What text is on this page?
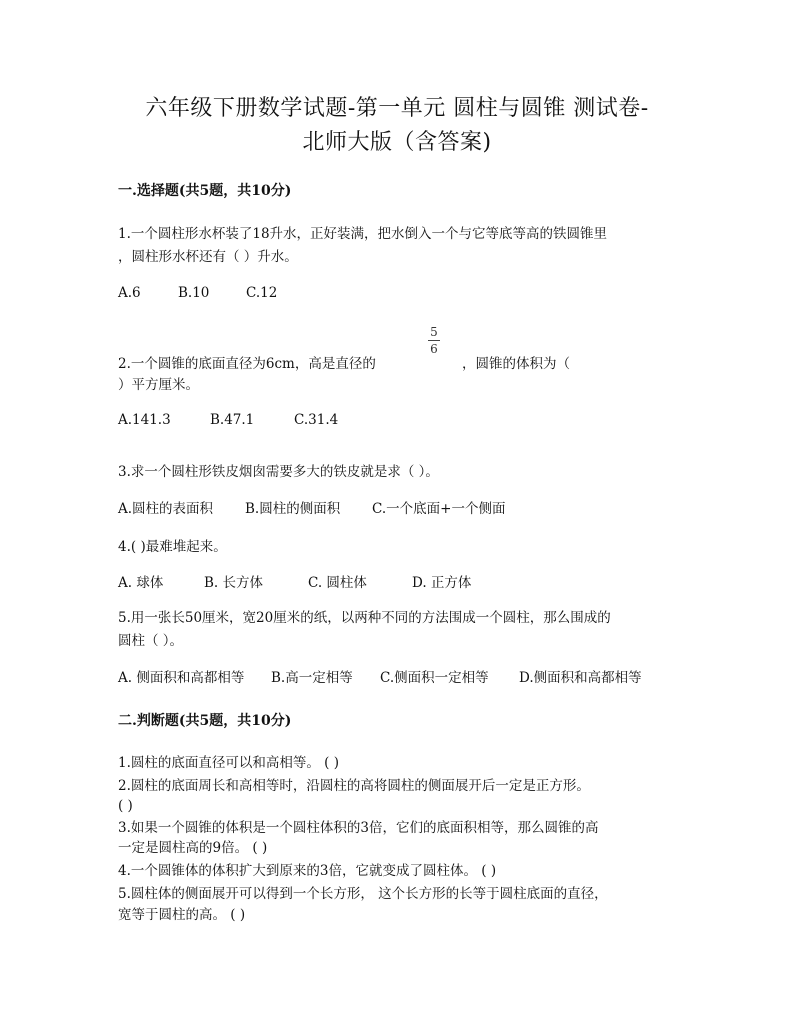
六年级下册数学试题-第一单元 圆柱与圆锥 测试卷-
北师大版（含答案)
一.选择题(共5题，共10分)
1.一个圆柱形水杯装了18升水，正好装满，把水倒入一个与它等底等高的铁圆锥里
，圆柱形水杯还有（ ）升水。
A.6	B.10	C.12
5
6
2.一个圆锥的底面直径为6cm，高是直径的	，圆锥的体积为（
）平方厘米。
A.141.3	B.47.1	C.31.4
3.求一个圆柱形铁皮烟囱需要多大的铁皮就是求（ ）。
A.圆柱的表面积 B.圆柱的侧面积 C.一个底面+一个侧面
4.( )最难堆起来。
A. 球体	B. 长方体	C. 圆柱体	D. 正方体
5.用一张长50厘米，宽20厘米的纸，以两种不同的方法围成一个圆柱，那么围成的
圆柱（ ）。
A. 侧面积和高都相等 B.高一定相等 C.侧面积一定相等 D.侧面积和高都相等
二.判断题(共5题，共10分)
1.圆柱的底面直径可以和高相等。 ( )
2.圆柱的底面周长和高相等时，沿圆柱的高将圆柱的侧面展开后一定是正方形。
( )
3.如果一个圆锥的体积是一个圆柱体积的3倍，它们的底面积相等，那么圆锥的高
一定是圆柱高的9倍。 ( )
4.一个圆锥体的体积扩大到原来的3倍，它就变成了圆柱体。 ( )
5.圆柱体的侧面展开可以得到一个长方形， 这个长方形的长等于圆柱底面的直径，
宽等于圆柱的高。 ( )
